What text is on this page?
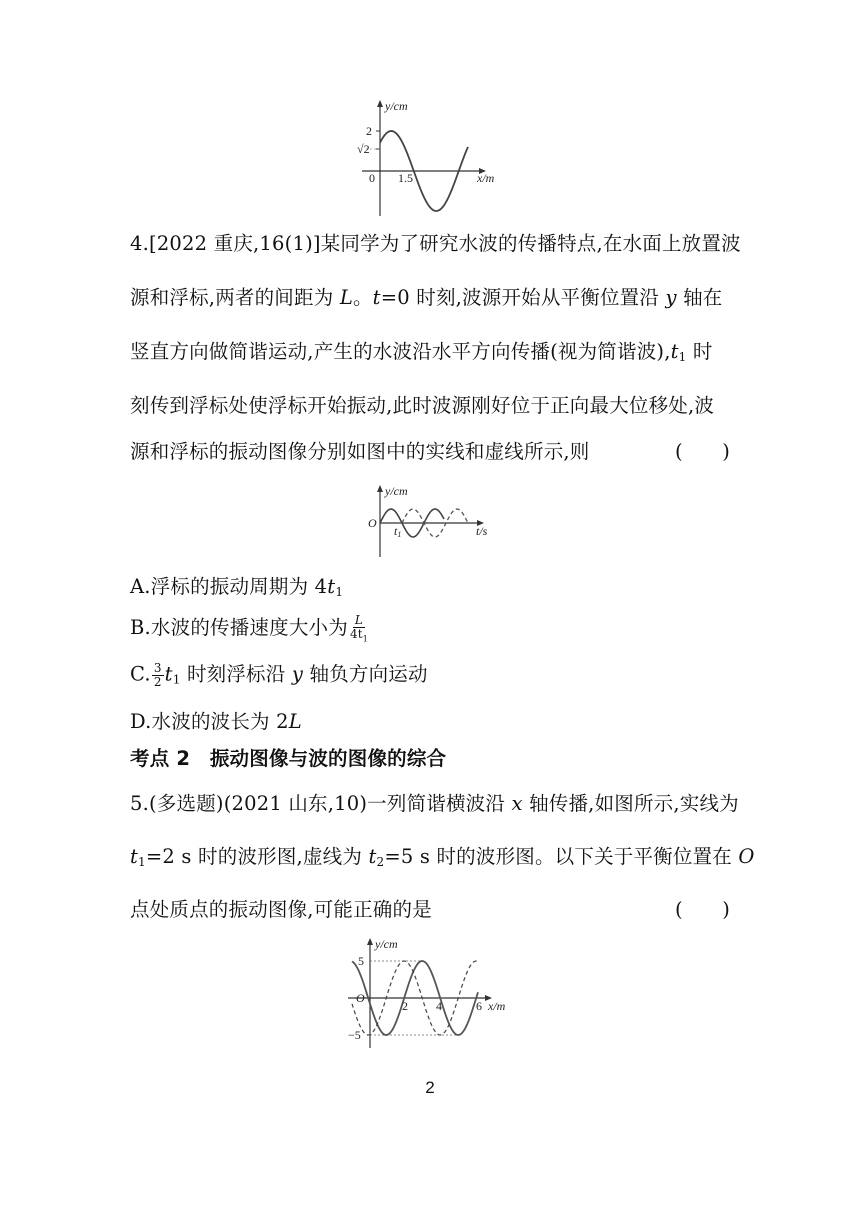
y/cm
2
√2
0 1.5	x/m
4.[2022 重庆,16(1)]某同学为了研究水波的传播特点,在水面上放置波
源和浮标,两者的间距为 L。t=0 时刻,波源开始从平衡位置沿 y 轴在
竖直方向做简谐运动,产生的水波沿水平方向传播(视为简谐波)$,t_1$ 时
刻传到浮标处使浮标开始振动,此时波源刚好位于正向最大位移处,波
源和浮标的振动图像分别如图中的实线和虚线所示,则	(　　)
y/cm
O
t1	t/s
A.浮标的振动周期为 $4t_1$
B.水波的传播速度大小为 $\frac{L}{4t_1}$
C. $\frac{3}{2} t_1$ 时刻浮标沿 y 轴负方向运动
D.水波的波长为 2L
考点 2　振动图像与波的图像的综合
5.(多选题)(2021 山东,10)一列简谐横波沿 x 轴传播,如图所示,实线为
$t_1=2$ s 时的波形图,虚线为 $t_2=5$ s 时的波形图。以下关于平衡位置在 O
点处质点的振动图像,可能正确的是	(　　)
y/cm
5
−5
O
2 4	6 x/m
2
